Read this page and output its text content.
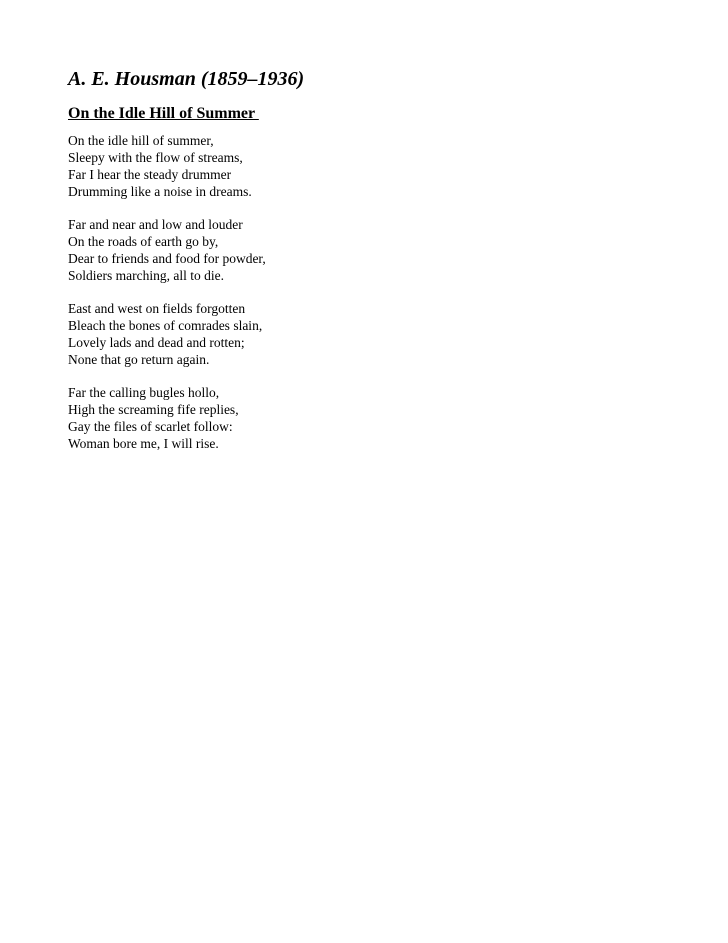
A. E. Housman (1859–1936)
On the Idle Hill of Summer
On the idle hill of summer,
Sleepy with the flow of streams,
Far I hear the steady drummer
Drumming like a noise in dreams.
Far and near and low and louder
On the roads of earth go by,
Dear to friends and food for powder,
Soldiers marching, all to die.
East and west on fields forgotten
Bleach the bones of comrades slain,
Lovely lads and dead and rotten;
None that go return again.
Far the calling bugles hollo,
High the screaming fife replies,
Gay the files of scarlet follow:
Woman bore me, I will rise.
